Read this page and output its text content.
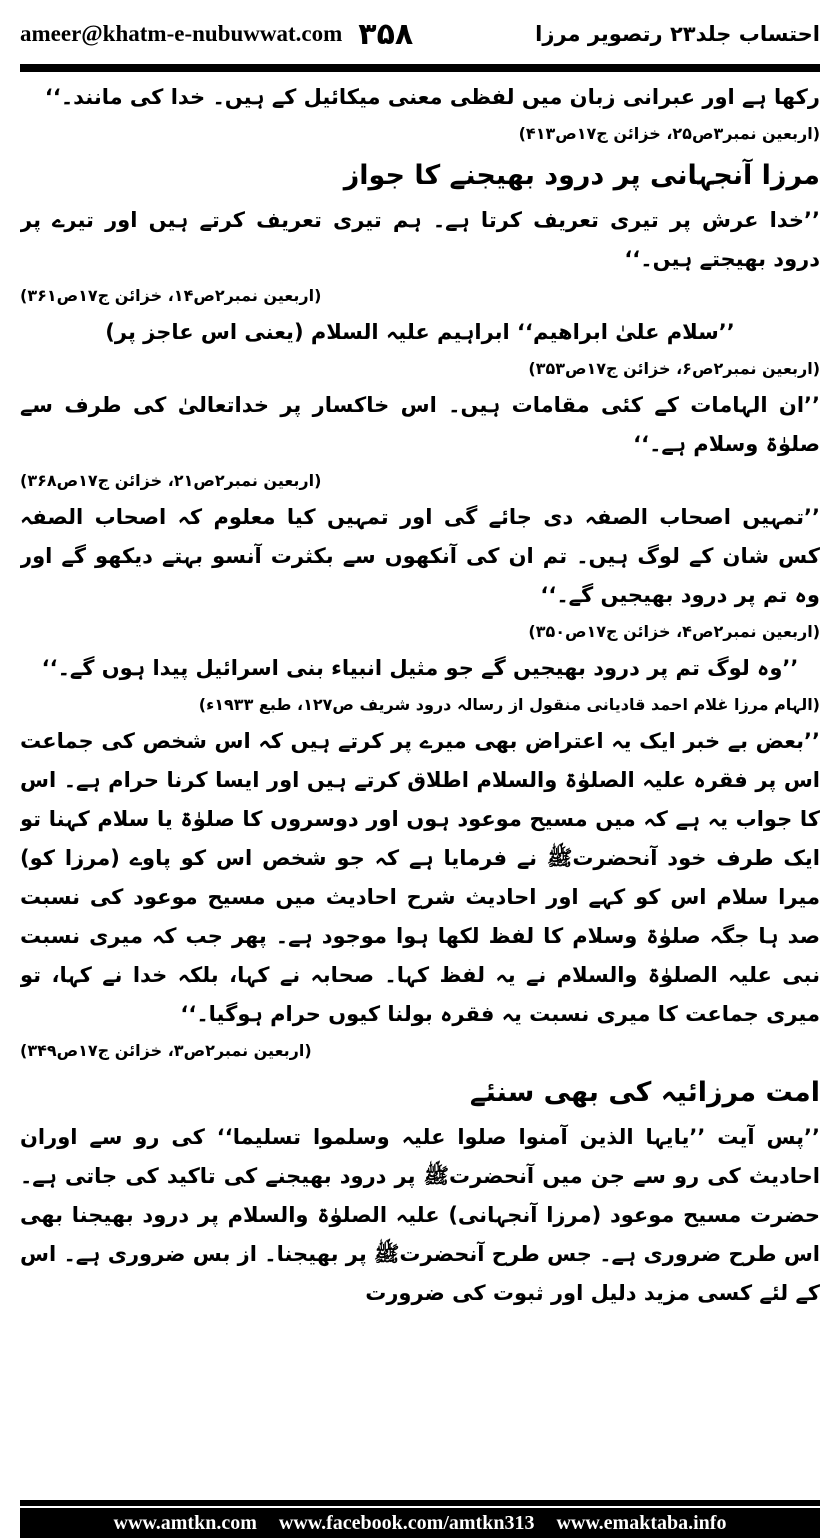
ameer@khatm-e-nubuwwat.com ۳۵۸	احتساب جلد۲۳ رتصویر مرزا

رکھا ہے اور عبرانی زبان میں لفظی معنی میکائیل کے ہیں۔ خدا کی مانند۔‘‘

(اربعین نمبر۳ص۲۵، خزائن ج۱۷ص۴۱۳)

مرزا آنجہانی پر درود بھیجنے کا جواز

’’خدا عرش پر تیری تعریف کرتا ہے۔ ہم تیری تعریف کرتے ہیں اور تیرے پر درود بھیجتے ہیں۔‘‘

(اربعین نمبر۲ص۱۴، خزائن ج۱۷ص۳۶۱)

’’سلام علیٰ ابراھیم‘‘ ابراہیم علیہ السلام (یعنی اس عاجز پر)

(اربعین نمبر۲ص۶، خزائن ج۱۷ص۳۵۳)

’’ان الہامات کے کئی مقامات ہیں۔ اس خاکسار پر خداتعالیٰ کی طرف سے صلوٰۃ وسلام ہے۔‘‘

(اربعین نمبر۲ص۲۱، خزائن ج۱۷ص۳۶۸)

’’تمہیں اصحاب الصفہ دی جائے گی اور تمہیں کیا معلوم کہ اصحاب الصفہ کس شان کے لوگ ہیں۔ تم ان کی آنکھوں سے بکثرت آنسو بہتے دیکھو گے اور وہ تم پر درود بھیجیں گے۔‘‘

(اربعین نمبر۲ص۴، خزائن ج۱۷ص۳۵۰)

’’وہ لوگ تم پر درود بھیجیں گے جو مثیل انبیاء بنی اسرائیل پیدا ہوں گے۔‘‘

(الہام مرزا غلام احمد قادیانی منقول از رسالہ درود شریف ص۱۲۷، طبع ۱۹۳۳ء)

’’بعض بے خبر ایک یہ اعتراض بھی میرے پر کرتے ہیں کہ اس شخص کی جماعت اس پر فقرہ علیہ الصلوٰۃ والسلام اطلاق کرتے ہیں اور ایسا کرنا حرام ہے۔ اس کا جواب یہ ہے کہ میں مسیح موعود ہوں اور دوسروں کا صلوٰۃ یا سلام کہنا تو ایک طرف خود آنحضرتﷺ نے فرمایا ہے کہ جو شخص اس کو پاوے (مرزا کو) میرا سلام اس کو کہے اور احادیث شرح احادیث میں مسیح موعود کی نسبت صد ہا جگہ صلوٰۃ وسلام کا لفظ لکھا ہوا موجود ہے۔ پھر جب کہ میری نسبت نبی علیہ الصلوٰۃ والسلام نے یہ لفظ کہا۔ صحابہ نے کہا، بلکہ خدا نے کہا، تو میری جماعت کا میری نسبت یہ فقرہ بولنا کیوں حرام ہوگیا۔‘‘

(اربعین نمبر۲ص۳، خزائن ج۱۷ص۳۴۹)

امت مرزائیہ کی بھی سنئے

’’پس آیت ’’یایہا الذین آمنوا صلوا علیہ وسلموا تسلیما‘‘ کی رو سے اوران احادیث کی رو سے جن میں آنحضرتﷺ پر درود بھیجنے کی تاکید کی جاتی ہے۔ حضرت مسیح موعود (مرزا آنجہانی) علیہ الصلوٰۃ والسلام پر درود بھیجنا بھی اس طرح ضروری ہے۔ جس طرح آنحضرتﷺ پر بھیجنا۔ از بس ضروری ہے۔ اس کے لئے کسی مزید دلیل اور ثبوت کی ضرورت

www.amtkn.com www.facebook.com/amtkn313 www.emaktaba.info
